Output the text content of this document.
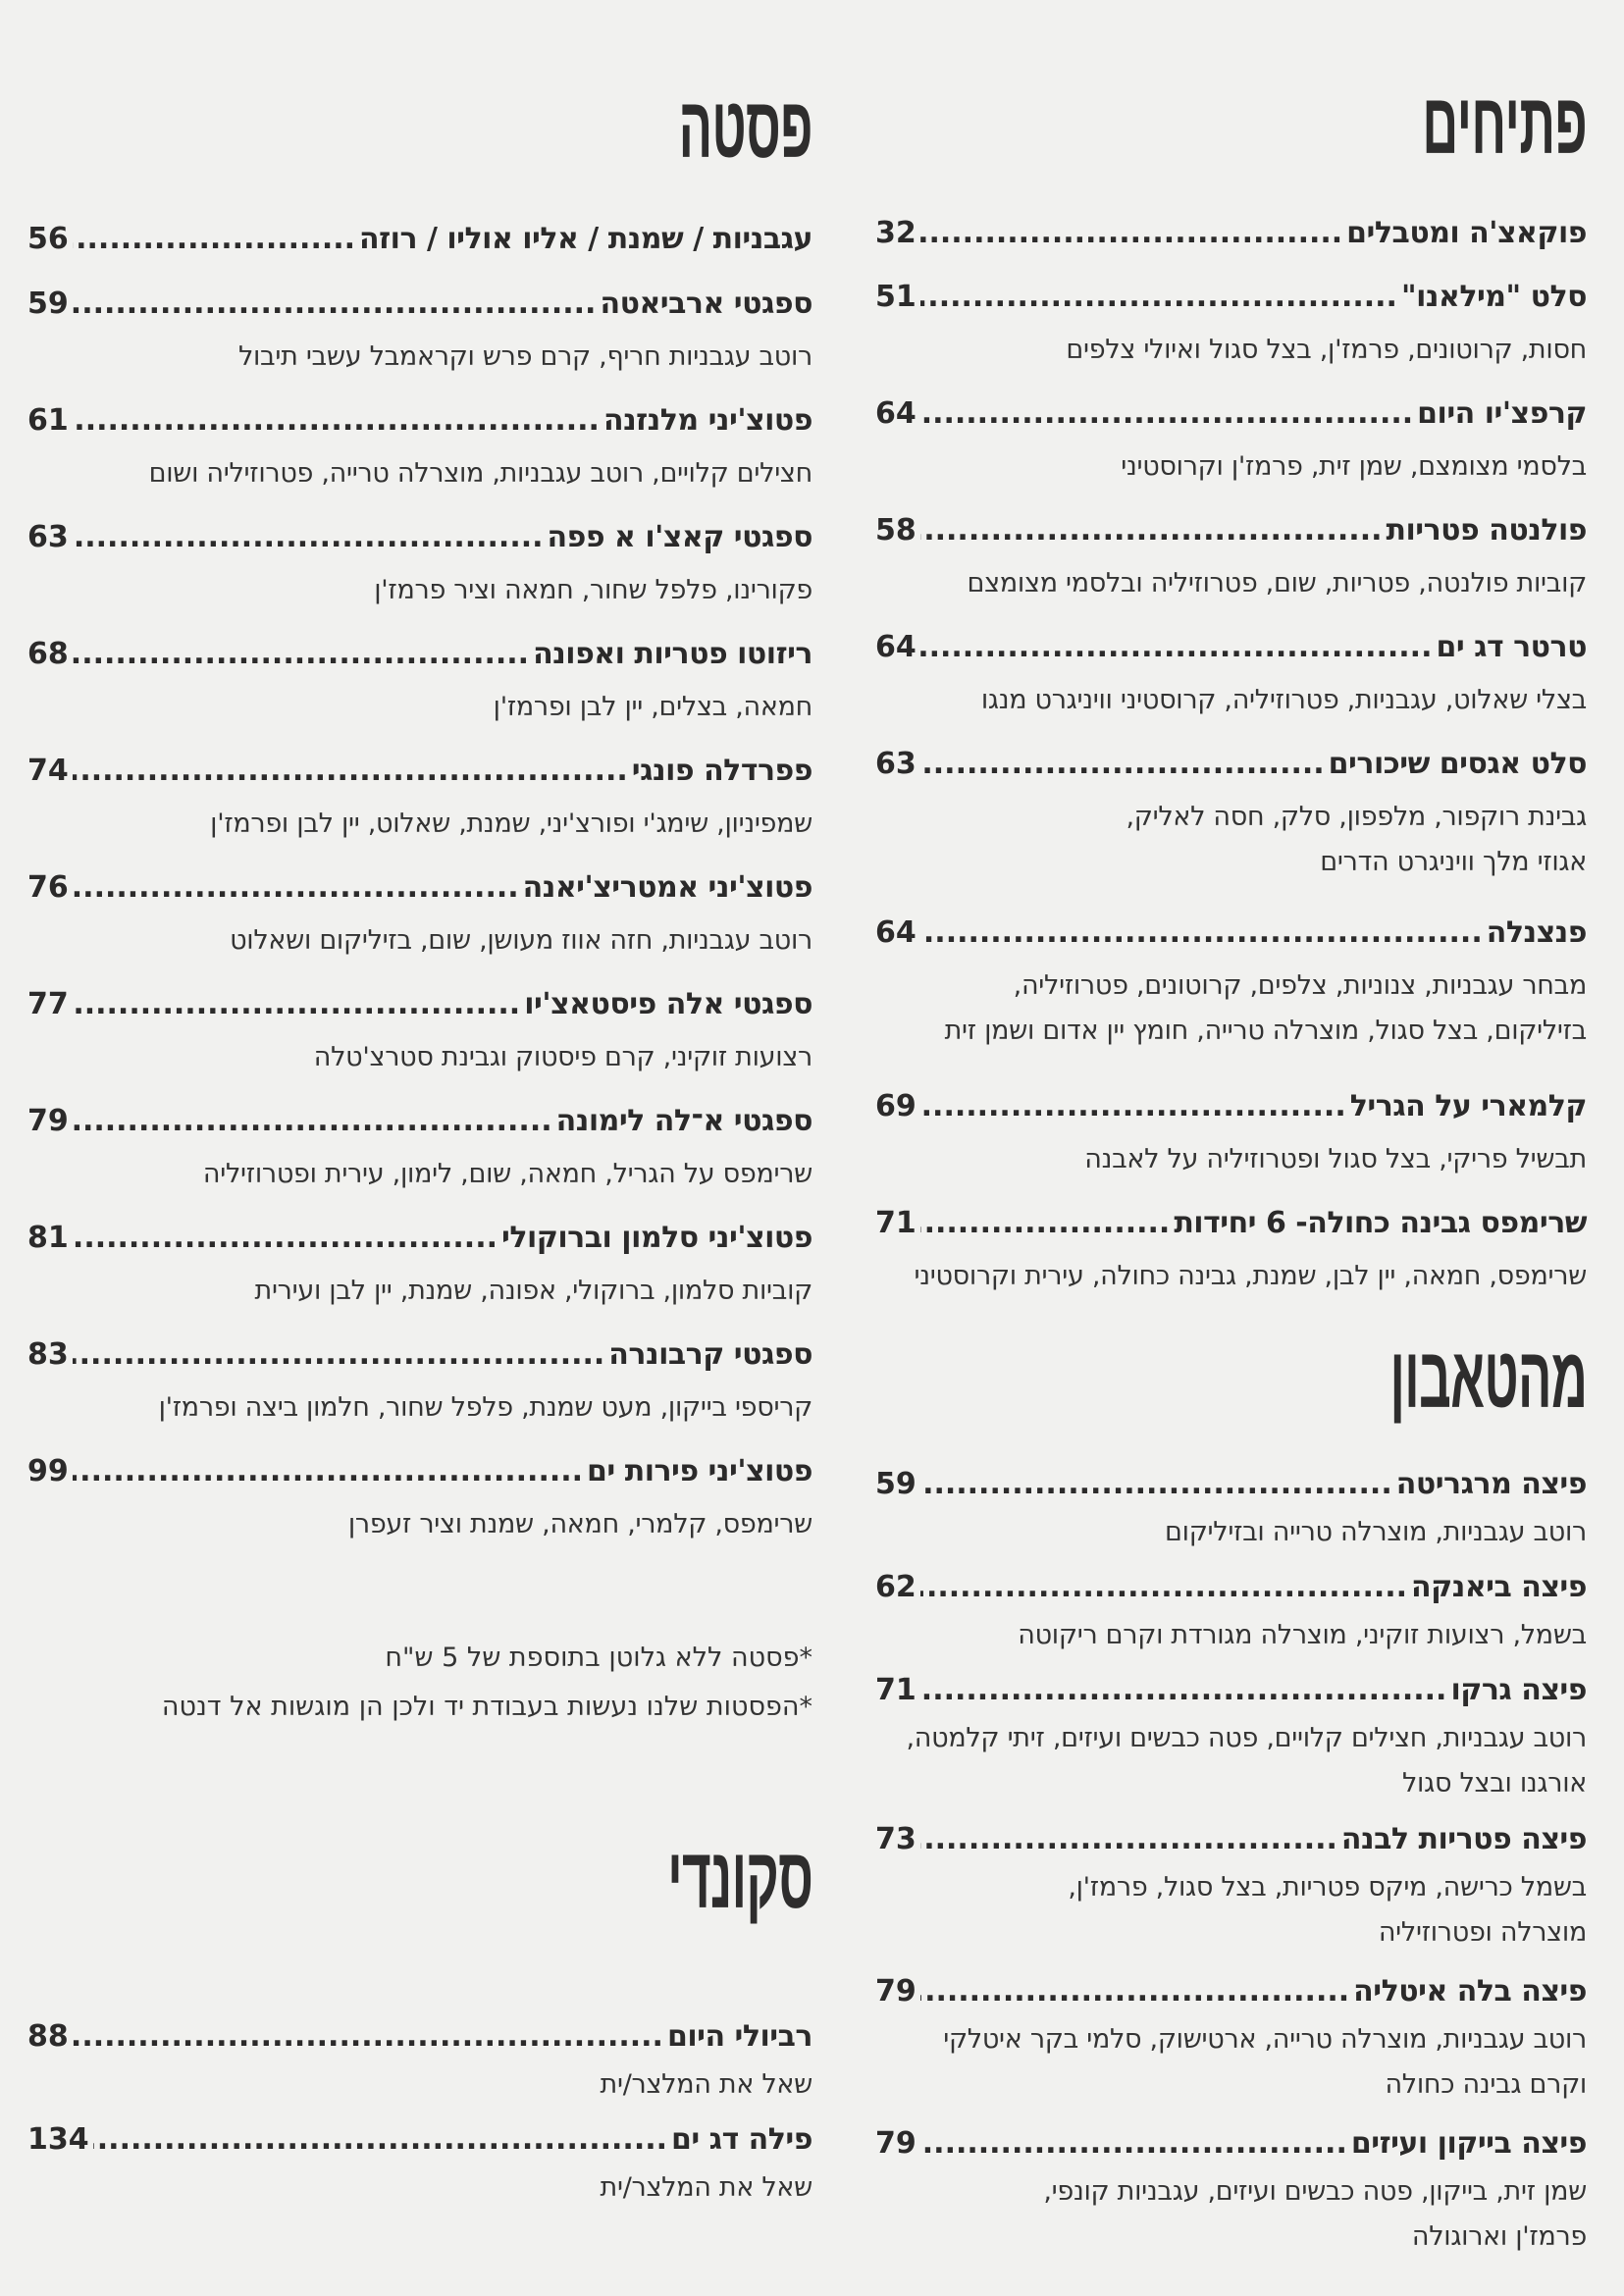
פתיחים
פוקאצ'ה ומטבלים
.....
32
סלט "מילאנו"
.....
51
חסות, קרוטונים, פרמז'ן, בצל סגול ואיולי צלפים
קרפצ'יו היום
.....
64
בלסמי מצומצם, שמן זית, פרמז'ן וקרוסטיני
פולנטה פטריות
.....
58
קוביות פולנטה, פטריות, שום, פטרוזיליה ובלסמי מצומצם
טרטר דג ים
.....
64
בצלי שאלוט, עגבניות, פטרוזיליה, קרוסטיני וויניגרט מנגו
סלט אגסים שיכורים
.....
63
גבינת רוקפור, מלפפון, סלק, חסה לאליק,
אגוזי מלך וויניגרט הדרים
פנצנלה
.....
64
מבחר עגבניות, צנוניות, צלפים, קרוטונים, פטרוזיליה,
בזיליקום, בצל סגול, מוצרלה טרייה, חומץ יין אדום ושמן זית
קלמארי על הגריל
.....
69
תבשיל פריקי, בצל סגול ופטרוזיליה על לאבנה
שרימפס גבינה כחולה- 6 יחידות
.....
71
שרימפס, חמאה, יין לבן, שמנת, גבינה כחולה, עירית וקרוסטיני
מהטאבון
פיצה מרגריטה
.....
59
רוטב עגבניות, מוצרלה טרייה ובזיליקום
פיצה ביאנקה
.....
62
בשמל, רצועות זוקיני, מוצרלה מגורדת וקרם ריקוטה
פיצה גרקו
.....
71
רוטב עגבניות, חצילים קלויים, פטה כבשים ועיזים, זיתי קלמטה,
אורגנו ובצל סגול
פיצה פטריות לבנה
.....
73
בשמל כרישה, מיקס פטריות, בצל סגול, פרמז'ן,
מוצרלה ופטרוזיליה
פיצה בלה איטליה
.....
79
רוטב עגבניות, מוצרלה טרייה, ארטישוק, סלמי בקר איטלקי
וקרם גבינה כחולה
פיצה בייקון ועיזים
.....
79
שמן זית, בייקון, פטה כבשים ועיזים, עגבניות קונפי,
פרמז'ן וארוגולה
פסטה
עגבניות / שמנת / אליו אוליו / רוזה
.....
56
ספגטי ארביאטה
.....
59
רוטב עגבניות חריף, קרם פרש וקראמבל עשבי תיבול
פטוצ'יני מלנזנה
.....
61
חצילים קלויים, רוטב עגבניות, מוצרלה טרייה, פטרוזיליה ושום
ספגטי קאצ'ו א פפה
.....
63
פקורינו, פלפל שחור, חמאה וציר פרמז'ן
ריזוטו פטריות ואפונה
.....
68
חמאה, בצלים, יין לבן ופרמז'ן
פפרדלה פונגי
.....
74
שמפיניון, שימג'י ופורצ'יני, שמנת, שאלוט, יין לבן ופרמז'ן
פטוצ'יני אמטריצ'יאנה
.....
76
רוטב עגבניות, חזה אווז מעושן, שום, בזיליקום ושאלוט
ספגטי אלה פיסטאצ'יו
.....
77
רצועות זוקיני, קרם פיסטוק וגבינת סטרצ'טלה
ספגטי א־לה לימונה
.....
79
שרימפס על הגריל, חמאה, שום, לימון, עירית ופטרוזיליה
פטוצ'יני סלמון וברוקולי
.....
81
קוביות סלמון, ברוקולי, אפונה, שמנת, יין לבן ועירית
ספגטי קרבונרה
.....
83
קריספי בייקון, מעט שמנת, פלפל שחור, חלמון ביצה ופרמז'ן
פטוצ'יני פירות ים
.....
99
שרימפס, קלמרי, חמאה, שמנת וציר זעפרן
*פסטה ללא גלוטן בתוספת של 5 ש"ח
*הפסטות שלנו נעשות בעבודת יד ולכן הן מוגשות אל דנטה
סקונדי
רביולי היום
.....
88
שאל את המלצר/ית
פילה דג ים
.....
134
שאל את המלצר/ית
